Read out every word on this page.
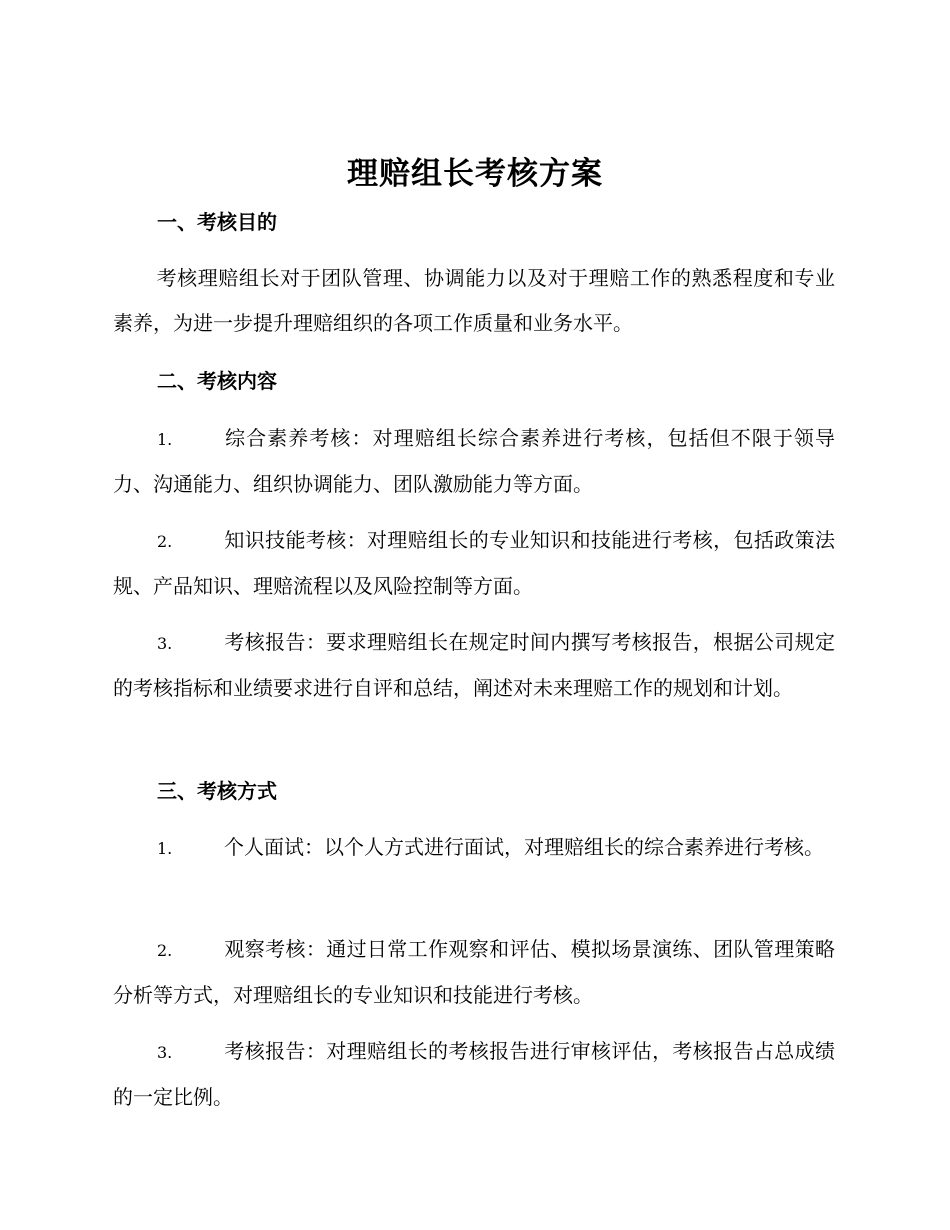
理赔组长考核方案
一、考核目的
考核理赔组长对于团队管理、协调能力以及对于理赔工作的熟悉程度和专业素养，为进一步提升理赔组织的各项工作质量和业务水平。
二、考核内容
1.	综合素养考核：对理赔组长综合素养进行考核，包括但不限于领导力、沟通能力、组织协调能力、团队激励能力等方面。
2.	知识技能考核：对理赔组长的专业知识和技能进行考核，包括政策法规、产品知识、理赔流程以及风险控制等方面。
3.	考核报告：要求理赔组长在规定时间内撰写考核报告，根据公司规定的考核指标和业绩要求进行自评和总结，阐述对未来理赔工作的规划和计划。
三、考核方式
1.	个人面试：以个人方式进行面试，对理赔组长的综合素养进行考核。
2.	观察考核：通过日常工作观察和评估、模拟场景演练、团队管理策略分析等方式，对理赔组长的专业知识和技能进行考核。
3.	考核报告：对理赔组长的考核报告进行审核评估，考核报告占总成绩的一定比例。
